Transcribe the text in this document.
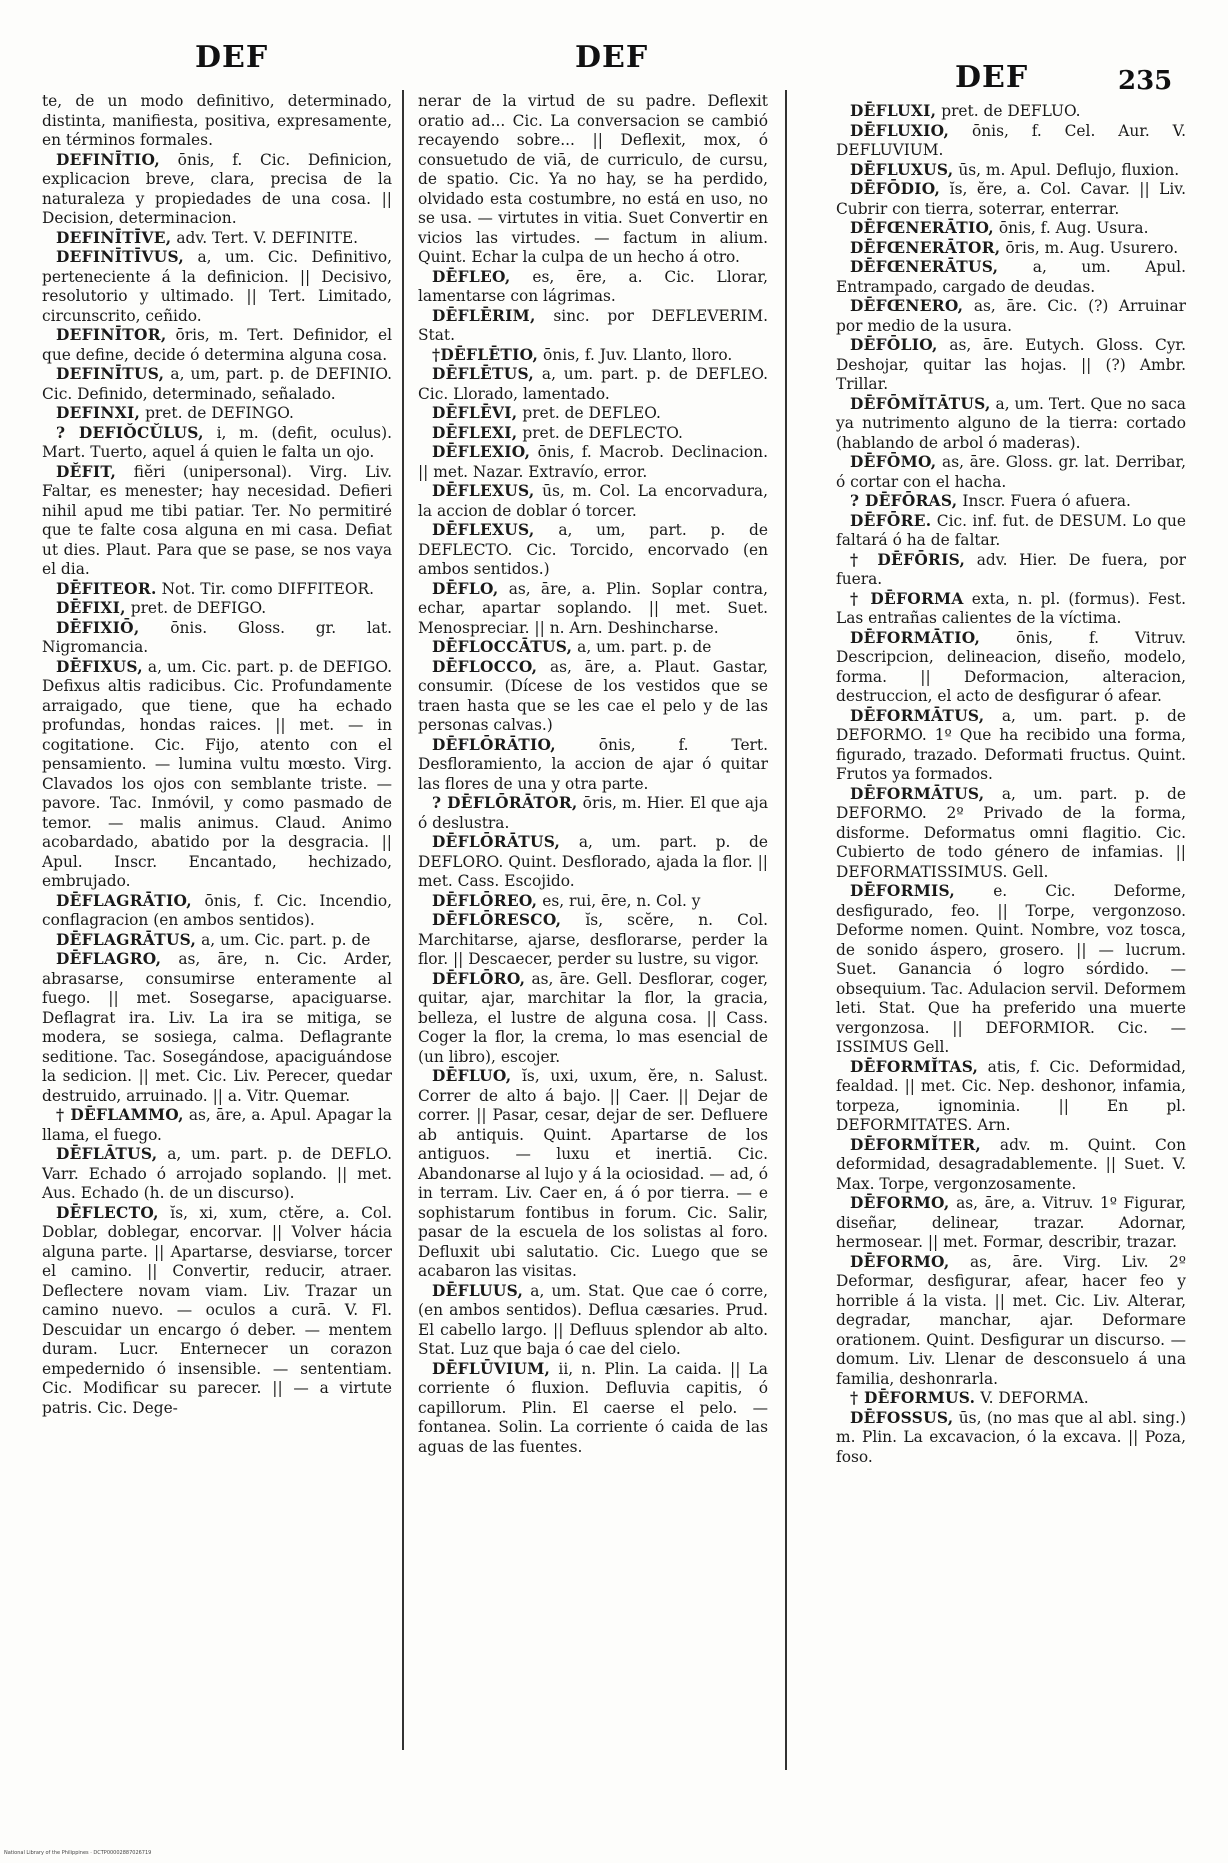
DEF	DEF
DEF	235

te, de un modo definitivo, determinado, distinta, manifiesta, positiva, expresamente, en términos formales.

DEFINĪTIO, ōnis, f. Cic. Definicion, explicacion breve, clara, precisa de la naturaleza y propiedades de una cosa. || Decision, determinacion.

DEFINĪTĪVE, adv. Tert. V. DEFINITE.

DEFINĪTĪVUS, a, um. Cic. Definitivo, perteneciente á la definicion. || Decisivo, resolutorio y ultimado. || Tert. Limitado, circunscrito, ceñido.

DEFINĪTOR, ōris, m. Tert. Definidor, el que define, decide ó determina alguna cosa.

DEFINĪTUS, a, um, part. p. de DEFINIO. Cic. Definido, determinado, señalado.

DEFINXI, pret. de DEFINGO.

? DEFIŎCŬLUS, i, m. (defit, oculus). Mart. Tuerto, aquel á quien le falta un ojo.

DĔFIT, fiĕri (unipersonal). Virg. Liv. Faltar, es menester; hay necesidad. Defieri nihil apud me tibi patiar. Ter. No permitiré que te falte cosa alguna en mi casa. Defiat ut dies. Plaut. Para que se pase, se nos vaya el dia.

DĒFITEOR. Not. Tir. como DIFFITEOR.

DĒFIXI, pret. de DEFIGO.

DĒFIXIŌ, ōnis. Gloss. gr. lat. Nigromancia.

DĒFIXUS, a, um. Cic. part. p. de DEFIGO. Defixus altis radicibus. Cic. Profundamente arraigado, que tiene, que ha echado profundas, hondas raices. || met. — in cogitatione. Cic. Fijo, atento con el pensamiento. — lumina vultu mœsto. Virg. Clavados los ojos con semblante triste. — pavore. Tac. Inmóvil, y como pasmado de temor. — malis animus. Claud. Animo acobardado, abatido por la desgracia. || Apul. Inscr. Encantado, hechizado, embrujado.

DĒFLAGRĀTIO, ōnis, f. Cic. Incendio, conflagracion (en ambos sentidos).

DĒFLAGRĀTUS, a, um. Cic. part. p. de

DĒFLAGRO, as, āre, n. Cic. Arder, abrasarse, consumirse enteramente al fuego. || met. Sosegarse, apaciguarse. Deflagrat ira. Liv. La ira se mitiga, se modera, se sosiega, calma. Deflagrante seditione. Tac. Sosegándose, apaciguándose la sedicion. || met. Cic. Liv. Perecer, quedar destruido, arruinado. || a. Vitr. Quemar.

† DĒFLAMMO, as, āre, a. Apul. Apagar la llama, el fuego.

DĒFLĀTUS, a, um. part. p. de DEFLO. Varr. Echado ó arrojado soplando. || met. Aus. Echado (h. de un discurso).

DĒFLECTO, ĭs, xi, xum, ctĕre, a. Col. Doblar, doblegar, encorvar. || Volver hácia alguna parte. || Apartarse, desviarse, torcer el camino. || Convertir, reducir, atraer. Deflectere novam viam. Liv. Trazar un camino nuevo. — oculos a curā. V. Fl. Descuidar un encargo ó deber. — mentem duram. Lucr. Enternecer un corazon empedernido ó insensible. — sententiam. Cic. Modificar su parecer. || — a virtute patris. Cic. Dege-

nerar de la virtud de su padre. Deflexit oratio ad... Cic. La conversacion se cambió recayendo sobre... || Deflexit, mox, ó consuetudo de viā, de curriculo, de cursu, de spatio. Cic. Ya no hay, se ha perdido, olvidado esta costumbre, no está en uso, no se usa. — virtutes in vitia. Suet Convertir en vicios las virtudes. — factum in alium. Quint. Echar la culpa de un hecho á otro.

DĒFLEO, es, ēre, a. Cic. Llorar, lamentarse con lágrimas.

DĒFLĒRIM, sinc. por DEFLEVERIM. Stat.

†DĒFLĒTIO, ōnis, f. Juv. Llanto, lloro.

DĒFLĒTUS, a, um. part. p. de DEFLEO. Cic. Llorado, lamentado.

DĒFLĒVI, pret. de DEFLEO.

DĒFLEXI, pret. de DEFLECTO.

DĒFLEXIO, ōnis, f. Macrob. Declinacion. || met. Nazar. Extravío, error.

DĒFLEXUS, ūs, m. Col. La encorvadura, la accion de doblar ó torcer.

DĒFLEXUS, a, um, part. p. de DEFLECTO. Cic. Torcido, encorvado (en ambos sentidos.)

DĒFLO, as, āre, a. Plin. Soplar contra, echar, apartar soplando. || met. Suet. Menospreciar. || n. Arn. Deshincharse.

DĒFLOCCĀTUS, a, um. part. p. de

DĒFLOCCO, as, āre, a. Plaut. Gastar, consumir. (Dícese de los vestidos que se traen hasta que se les cae el pelo y de las personas calvas.)

DĒFLŌRĀTIO,	ōnis, f. Tert. Desfloramiento, la accion de ajar ó quitar las flores de una y otra parte.

? DĒFLŌRĀTOR, ōris, m. Hier. El que aja ó deslustra.

DĒFLŌRĀTUS, a, um. part. p. de DEFLORO. Quint. Desflorado, ajada la flor. || met. Cass. Escojido.

DĒFLŌREO, es, rui, ēre, n. Col. y

DĒFLŌRESCO, ĭs, scĕre, n. Col. Marchitarse, ajarse, desflorarse, perder la flor. || Descaecer, perder su lustre, su vigor.

DĒFLŌRO, as, āre. Gell. Desflorar, coger, quitar, ajar, marchitar la flor, la gracia, belleza, el lustre de alguna cosa. || Cass. Coger la flor, la crema, lo mas esencial de (un libro), escojer.

DĒFLUO, ĭs, uxi, uxum, ĕre, n. Salust. Correr de alto á bajo. || Caer. || Dejar de correr. || Pasar, cesar, dejar de ser. Defluere ab antiquis. Quint. Apartarse de los antiguos. — luxu et inertiā. Cic. Abandonarse al lujo y á la ociosidad. — ad, ó in terram. Liv. Caer en, á ó por tierra. — e sophistarum fontibus in forum. Cic. Salir, pasar de la escuela de los solistas al foro. Defluxit ubi salutatio. Cic. Luego que se acabaron las visitas.

DĒFLUUS, a, um. Stat. Que cae ó corre, (en ambos sentidos). Deflua cæsaries. Prud. El cabello largo. || Defluus splendor ab alto. Stat. Luz que baja ó cae del cielo.

DĒFLŪVIUM, ii, n. Plin. La caida. || La corriente ó fluxion. Defluvia capitis, ó capillorum. Plin. El caerse el pelo. — fontanea. Solin. La corriente ó caida de las aguas de las fuentes.

DĒFLUXI, pret. de DEFLUO.

DĒFLUXIO, ōnis, f. Cel. Aur. V. DEFLUVIUM.

DĒFLUXUS, ūs, m. Apul. Deflujo, fluxion.

DĒFŌDIO, ĭs, ĕre, a. Col. Cavar. || Liv. Cubrir con tierra, soterrar, enterrar.

DĒFŒNERĀTIO, ōnis, f. Aug. Usura.

DĒFŒNERĀTOR, ōris, m. Aug. Usurero.

DĒFŒNERĀTUS, a, um. Apul. Entrampado, cargado de deudas.

DĒFŒNERO, as, āre. Cic. (?) Arruinar por medio de la usura.

DĒFŌLIO, as, āre. Eutych. Gloss. Cyr. Deshojar, quitar las hojas. || (?) Ambr. Trillar.

DĒFŌMĬTĀTUS, a, um. Tert. Que no saca ya nutrimento alguno de la tierra: cortado (hablando de arbol ó maderas).

DĒFŌMO, as, āre. Gloss. gr. lat. Derribar, ó cortar con el hacha.

? DĒFŌRAS, Inscr. Fuera ó afuera.

DĒFŌRE. Cic. inf. fut. de DESUM. Lo que faltará ó ha de faltar.

† DĒFŌRIS, adv. Hier. De fuera, por fuera.

† DĒFORMA exta, n. pl. (formus). Fest. Las entrañas calientes de la víctima.

DĒFORMĀTIO, ōnis, f. Vitruv. Descripcion, delineacion, diseño, modelo, forma. || Deformacion, alteracion, destruccion, el acto de desfigurar ó afear.

DĒFORMĀTUS, a, um. part. p. de DEFORMO. 1º Que ha recibido una forma, figurado, trazado. Deformati fructus. Quint. Frutos ya formados.

DĒFORMĀTUS, a, um. part. p. de DEFORMO. 2º Privado de la forma, disforme. Deformatus omni flagitio. Cic. Cubierto de todo género de infamias. || DEFORMATISSIMUS. Gell.

DĒFORMIS, e. Cic. Deforme, desfigurado, feo. || Torpe, vergonzoso. Deforme nomen. Quint. Nombre, voz tosca, de sonido áspero, grosero. || — lucrum. Suet. Ganancia ó logro sórdido. — obsequium. Tac. Adulacion servil. Deformem leti. Stat. Que ha preferido una muerte vergonzosa. || DEFORMIOR. Cic. — ISSIMUS Gell.

DĒFORMĬTAS, atis, f. Cic. Deformidad, fealdad. || met. Cic. Nep. deshonor, infamia, torpeza, ignominia. || En pl. DEFORMITATES. Arn.

DĒFORMĬTER, adv. m. Quint. Con deformidad, desagradablemente. || Suet. V. Max. Torpe, vergonzosamente.

DĒFORMO, as, āre, a. Vitruv. 1º Figurar, diseñar, delinear, trazar. Adornar, hermosear. || met. Formar, describir, trazar.

DĒFORMO, as, āre. Virg. Liv. 2º Deformar, desfigurar, afear, hacer feo y horrible á la vista. || met. Cic. Liv. Alterar, degradar, manchar, ajar. Deformare orationem. Quint. Desfigurar un discurso. — domum. Liv. Llenar de desconsuelo á una familia, deshonrarla.

† DĒFORMUS. V. DEFORMA.

DĒFOSSUS, ūs, (no mas que al abl. sing.) m. Plin. La excavacion, ó la excava. || Poza, foso.

National Library of the Philippines · DCTP00002887026719
